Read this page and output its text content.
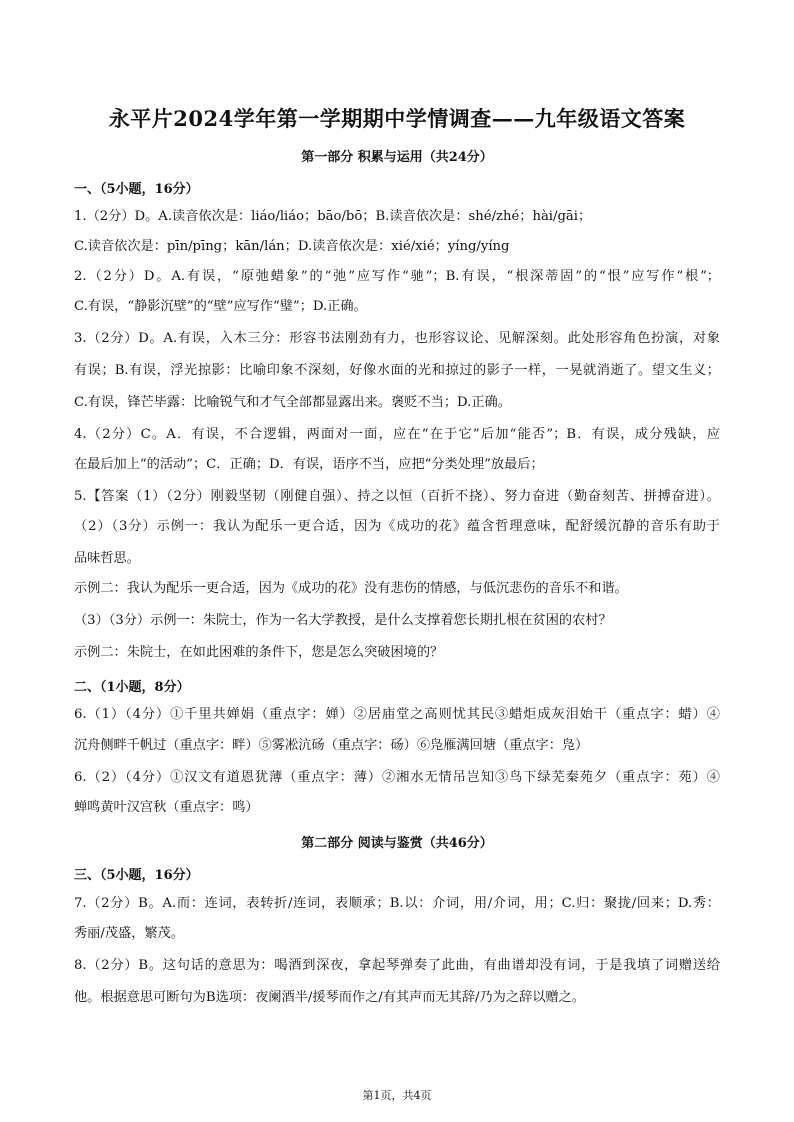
永平片2024学年第一学期期中学情调查——九年级语文答案
第一部分 积累与运用（共24分）
一、（5小题，16分）
1.（2分）D。A.读音依次是：liáo/liáo；bāo/bō；B.读音依次是：shé/zhé；hài/gāi；
C.读音依次是：pīn/pīng；kān/lán；D.读音依次是：xié/xié；yíng/yíng
2.（2分）D。A.有误，“原弛蜡象”的“弛”应写作“驰”；B.有误，“根深蒂固”的“恨”应写作“根”；
C.有误，“静影沉壁”的“壁”应写作“璧”；D.正确。
3.（2分）D。A.有误，入木三分：形容书法刚劲有力，也形容议论、见解深刻。此处形容角色扮演，对象
有误；B.有误，浮光掠影：比喻印象不深刻，好像水面的光和掠过的影子一样，一晃就消逝了。望文生义；
C.有误，锋芒毕露：比喻锐气和才气全部都显露出来。褒贬不当；D.正确。
4.（2分）C。A．有误，不合逻辑，两面对一面，应在“在于它”后加“能否”；B．有误，成分残缺，应
在最后加上“的活动”；C．正确；D．有误，语序不当，应把“分类处理”放最后；
5.【答案（1）（2分）刚毅坚韧（刚健自强）、持之以恒（百折不挠）、努力奋进（勤奋刻苦、拼搏奋进）。
（2）（3分）示例一：我认为配乐一更合适，因为《成功的花》蕴含哲理意味，配舒缓沉静的音乐有助于
品味哲思。
示例二：我认为配乐一更合适，因为《成功的花》没有悲伤的情感，与低沉悲伤的音乐不和谐。
（3）（3分）示例一：朱院士，作为一名大学教授，是什么支撑着您长期扎根在贫困的农村？
示例二：朱院士，在如此困难的条件下，您是怎么突破困境的？
二、（1小题，8分）
6.（1）（4分）①千里共婵娟（重点字：婵）②居庙堂之高则忧其民③蜡炬成灰泪始干（重点字：蜡）④
沉舟侧畔千帆过（重点字：畔）⑤雾凇沆砀（重点字：砀）⑥凫雁满回塘（重点字：凫）
6.（2）（4分）①汉文有道恩犹薄（重点字：薄）②湘水无情吊岂知③鸟下绿芜秦苑夕（重点字：苑）④
蝉鸣黄叶汉宫秋（重点字：鸣）
第二部分 阅读与鉴赏（共46分）
三、（5小题，16分）
7.（2分）B。A.而：连词，表转折/连词，表顺承；B.以：介词，用/介词，用；C.归：聚拢/回来；D.秀：
秀丽/茂盛，繁茂。
8.（2分）B。这句话的意思为：喝酒到深夜，拿起琴弹奏了此曲，有曲谱却没有词，于是我填了词赠送给
他。根据意思可断句为B选项：夜阑酒半/援琴而作之/有其声而无其辞/乃为之辞以赠之。
第1页，共4页
